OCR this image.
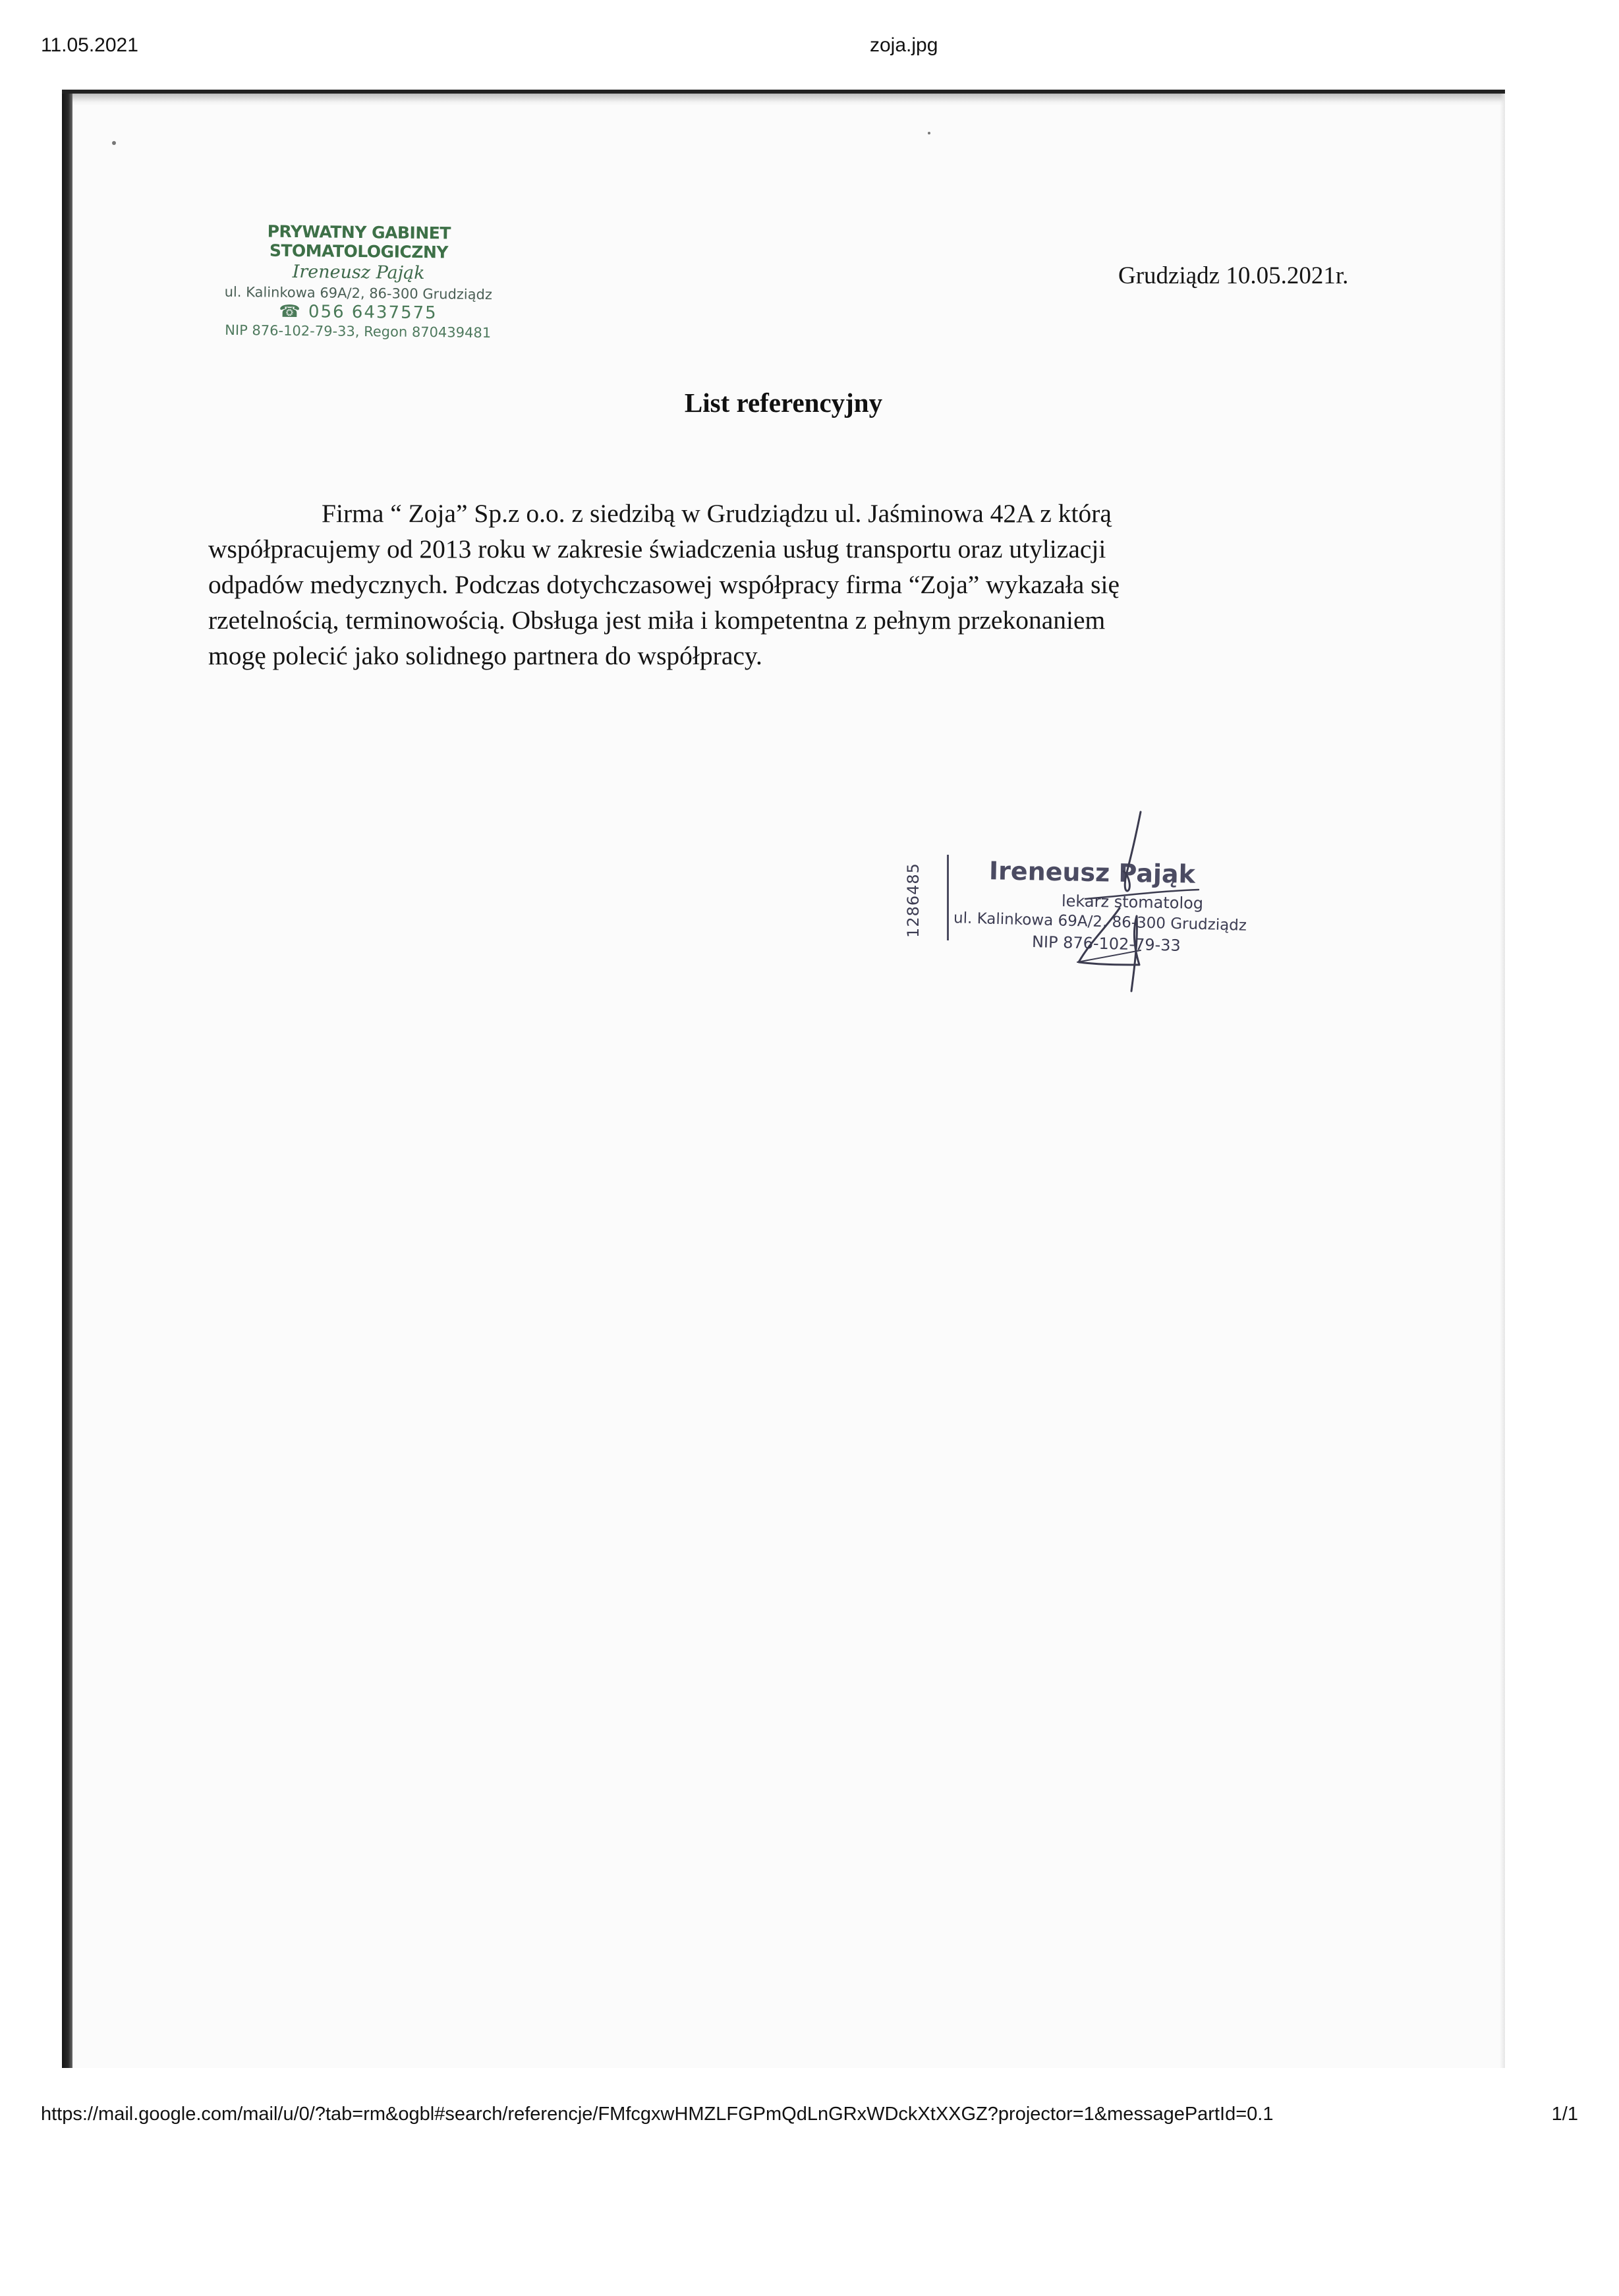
11.05.2021	zoja.jpg
PRYWATNY GABINET STOMATOLOGICZNY
Ireneusz Pająk
ul. Kalinkowa 69A/2, 86-300 Grudziądz
☎ 056 6437575
NIP 876-102-79-33, Regon 870439481
Grudziądz 10.05.2021r.
List referencyjny
Firma “ Zoja” Sp.z o.o. z siedzibą w Grudziądzu ul. Jaśminowa 42A z którą
współpracujemy od 2013 roku w zakresie świadczenia usług transportu oraz utylizacji
odpadów medycznych. Podczas dotychczasowej współpracy firma “Zoja” wykazała się
rzetelnością, terminowością. Obsługa jest miła i kompetentna z pełnym przekonaniem
mogę polecić jako solidnego partnera do współpracy.
1286485	Ireneusz Pająk
lekarz stomatolog
ul. Kalinkowa 69A/2, 86-300 Grudziądz
NIP 876-102-79-33
https://mail.google.com/mail/u/0/?tab=rm&ogbl#search/referencje/FMfcgxwHMZLFGPmQdLnGRxWDckXtXXGZ?projector=1&messagePartId=0.1	1/1
